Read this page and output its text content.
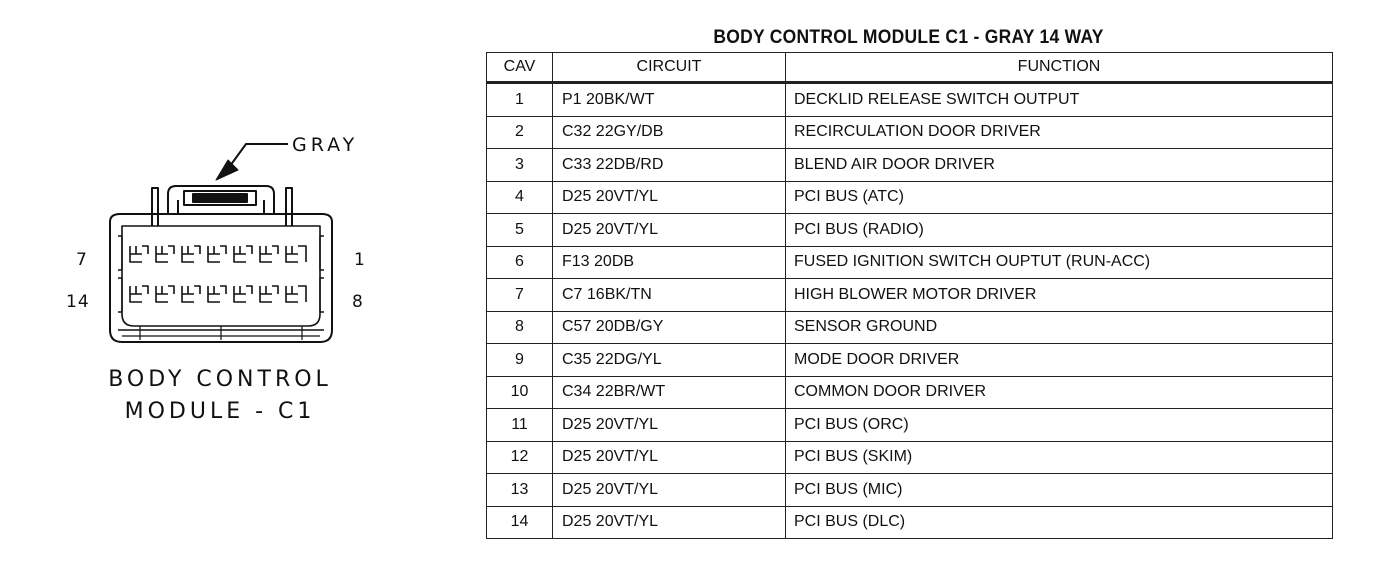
GRAY
7	1
14	8
BODY CONTROL
MODULE - C1
BODY CONTROL MODULE C1 - GRAY 14 WAY
CAV	CIRCUIT	FUNCTION
1	P1 20BK/WT	DECKLID RELEASE SWITCH OUTPUT
2	C32 22GY/DB	RECIRCULATION DOOR DRIVER
3	C33 22DB/RD	BLEND AIR DOOR DRIVER
4	D25 20VT/YL	PCI BUS (ATC)
5	D25 20VT/YL	PCI BUS (RADIO)
6	F13 20DB	FUSED IGNITION SWITCH OUPTUT (RUN-ACC)
7	C7 16BK/TN	HIGH BLOWER MOTOR DRIVER
8	C57 20DB/GY	SENSOR GROUND
9	C35 22DG/YL	MODE DOOR DRIVER
10	C34 22BR/WT	COMMON DOOR DRIVER
11	D25 20VT/YL	PCI BUS (ORC)
12	D25 20VT/YL	PCI BUS (SKIM)
13	D25 20VT/YL	PCI BUS (MIC)
14	D25 20VT/YL	PCI BUS (DLC)
